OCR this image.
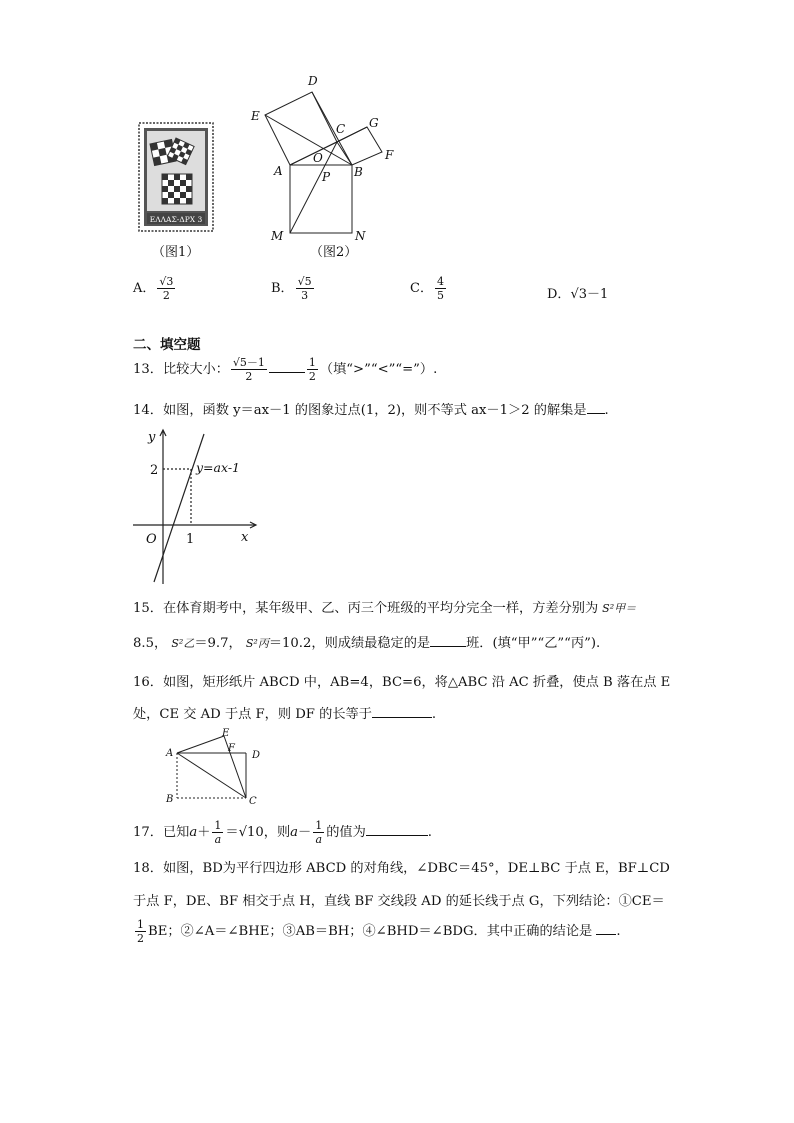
ΕΛΛΑΣ-ΔΡΧ 3
（图1）
D
E
C G
F
O
A	B
P
M	N
（图2）
A． $\frac{√3}{2}$	B． $\frac{√5}{3}$	C． $\frac{4}{5}$	D．√3－1
二、填空题
13．比较大小： $\frac{√5-1}{2}$	$\frac{1}{2}$ （填“>”“<”“=”）.
14．如图，函数 y＝ax－1 的图象过点(1，2)，则不等式 ax－1＞2 的解集是 .
y
x
O
2
1
y=ax-1
15．在体育期考中，某年级甲、乙、丙三个班级的平均分完全一样，方差分别为 S²甲＝
8.5， S²乙＝9.7， S²丙＝10.2，则成绩最稳定的是	班．(填“甲”“乙”“丙”).
16．如图，矩形纸片 ABCD 中，AB=4，BC=6，将△ABC 沿 AC 折叠，使点 B 落在点 E
处，CE 交 AD 于点 F，则 DF 的长等于	.
A
E
F
D
B	C
17．已知$a+ \frac{1}{a} =√10$，则$a- \frac{1}{a}$ 的值为	.
18．如图，BD为平行四边形 ABCD 的对角线，∠DBC＝45°，DE⊥BC 于点 E，BF⊥CD
于点 F，DE、BF 相交于点 H，直线 BF 交线段 AD 的延长线于点 G，下列结论：①CE＝
$\frac{1}{2}$ BE；②∠A＝∠BHE；③AB＝BH；④∠BHD＝∠BDG．其中正确的结论是 .
